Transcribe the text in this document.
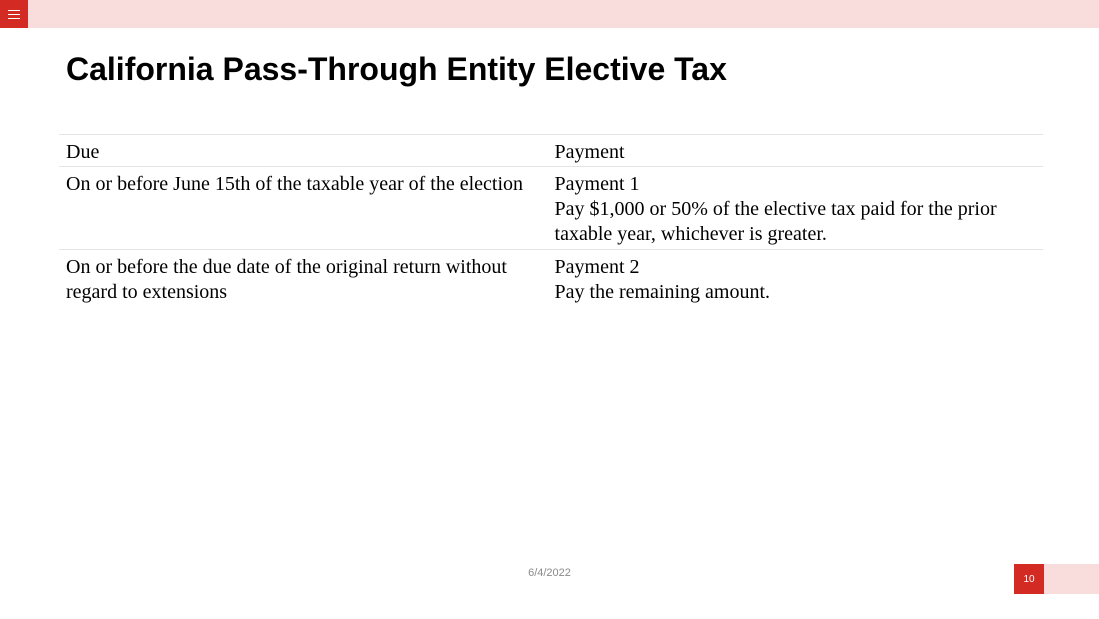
California Pass-Through Entity Elective Tax
Due	Payment
On or before June 15th of the taxable year of the election	Payment 1
Pay $1,000 or 50% of the elective tax paid for the prior taxable year, whichever is greater.

On or before the due date of the original return without regard to extensions	Payment 2
Pay the remaining amount.
6/4/2022	10
